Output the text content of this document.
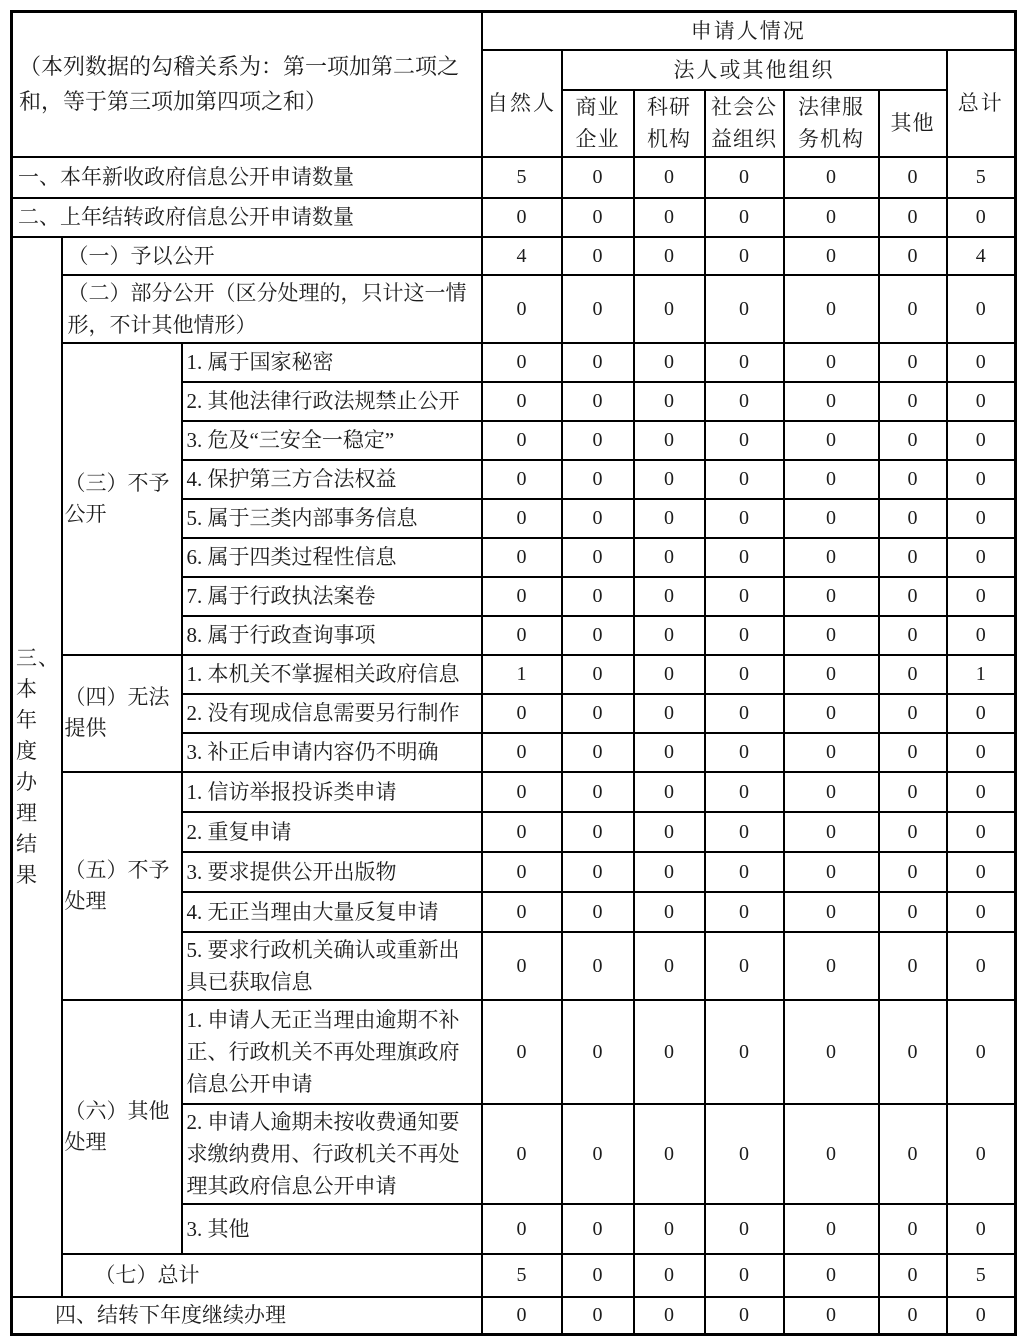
（本列数据的勾稽关系为：第一项加第二项之和，等于第三项加第四项之和）			申请人情况						
			自然人	法人或其他组织					总计
				商业企业	科研机构	社会公益组织	法律服务机构	其他	
一、本年新收政府信息公开申请数量			5	0	0	0	0	0	5
二、上年结转政府信息公开申请数量			0	0	0	0	0	0	0
三、本年度办理结果	（一）予以公开		4	0	0	0	0	0	4
	（二）部分公开（区分处理的，只计这一情形，不计其他情形）		0	0	0	0	0	0	0
	（三）不予公开	1. 属于国家秘密	0	0	0	0	0	0	0
		2. 其他法律行政法规禁止公开	0	0	0	0	0	0	0
		3. 危及“三安全一稳定”	0	0	0	0	0	0	0
		4. 保护第三方合法权益	0	0	0	0	0	0	0
		5. 属于三类内部事务信息	0	0	0	0	0	0	0
		6. 属于四类过程性信息	0	0	0	0	0	0	0
		7. 属于行政执法案卷	0	0	0	0	0	0	0
		8. 属于行政查询事项	0	0	0	0	0	0	0
	（四）无法提供	1. 本机关不掌握相关政府信息	1	0	0	0	0	0	1
		2. 没有现成信息需要另行制作	0	0	0	0	0	0	0
		3. 补正后申请内容仍不明确	0	0	0	0	0	0	0
	（五）不予处理	1. 信访举报投诉类申请	0	0	0	0	0	0	0
		2. 重复申请	0	0	0	0	0	0	0
		3. 要求提供公开出版物	0	0	0	0	0	0	0
		4. 无正当理由大量反复申请	0	0	0	0	0	0	0
		5. 要求行政机关确认或重新出具已获取信息	0	0	0	0	0	0	0
	（六）其他处理	1. 申请人无正当理由逾期不补正、行政机关不再处理旗政府信息公开申请	0	0	0	0	0	0	0
		2. 申请人逾期未按收费通知要求缴纳费用、行政机关不再处理其政府信息公开申请	0	0	0	0	0	0	0
		3. 其他	0	0	0	0	0	0	0
	（七）总计		5	0	0	0	0	0	5
四、结转下年度继续办理			0	0	0	0	0	0	0
